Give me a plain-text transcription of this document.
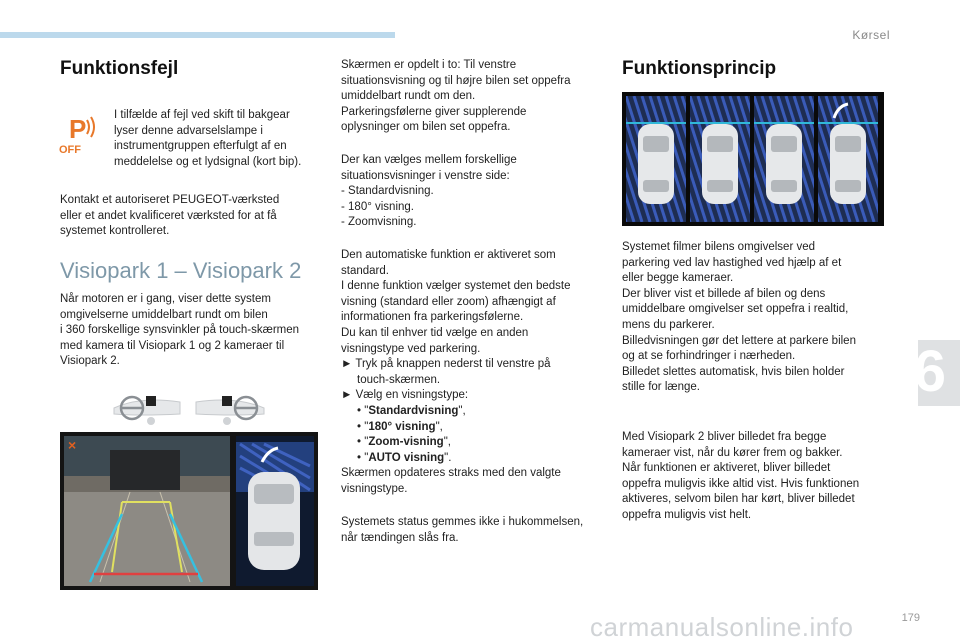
Kørsel
6
Funktionsfejl
P
OFF
I tilfælde af fejl ved skift til bakgear
lyser denne advarselslampe i
instrumentgruppen efterfulgt af en
meddelelse og et lydsignal (kort bip).
Kontakt et autoriseret PEUGEOT-værksted
eller et andet kvalificeret værksted for at få
systemet kontrolleret.
Visiopark 1 – Visiopark 2
Når motoren er i gang, viser dette system
omgivelserne umiddelbart rundt om bilen
i 360 forskellige synsvinkler på touch-skærmen
med kamera til Visiopark 1 og 2 kameraer til
Visiopark 2.
×
Skærmen er opdelt i to: Til venstre
situationsvisning og til højre bilen set oppefra
umiddelbart rundt om den.
Parkeringsfølerne giver supplerende
oplysninger om bilen set oppefra.
Der kan vælges mellem forskellige
situationsvisninger i venstre side:
- Standardvisning.
- 180° visning.
- Zoomvisning.
Den automatiske funktion er aktiveret som
standard.
I denne funktion vælger systemet den bedste
visning (standard eller zoom) afhængigt af
informationen fra parkeringsfølerne.
Du kan til enhver tid vælge en anden
visningstype ved parkering.
► Tryk på knappen nederst til venstre på
touch-skærmen.
► Vælg en visningstype:
• "Standardvisning",
• "180° visning",
• "Zoom-visning",
• "AUTO visning".
Skærmen opdateres straks med den valgte
visningstype.
Systemets status gemmes ikke i hukommelsen,
når tændingen slås fra.
Funktionsprincip
Systemet filmer bilens omgivelser ved
parkering ved lav hastighed ved hjælp af et
eller begge kameraer.
Der bliver vist et billede af bilen og dens
umiddelbare omgivelser set oppefra i realtid,
mens du parkerer.
Billedvisningen gør det lettere at parkere bilen
og at se forhindringer i nærheden.
Billedet slettes automatisk, hvis bilen holder
stille for længe.
Med Visiopark 2 bliver billedet fra begge
kameraer vist, når du kører frem og bakker.
Når funktionen er aktiveret, bliver billedet
oppefra muligvis ikke altid vist. Hvis funktionen
aktiveres, selvom bilen har kørt, bliver billedet
oppefra muligvis vist helt.
carmanualsonline.info	179
